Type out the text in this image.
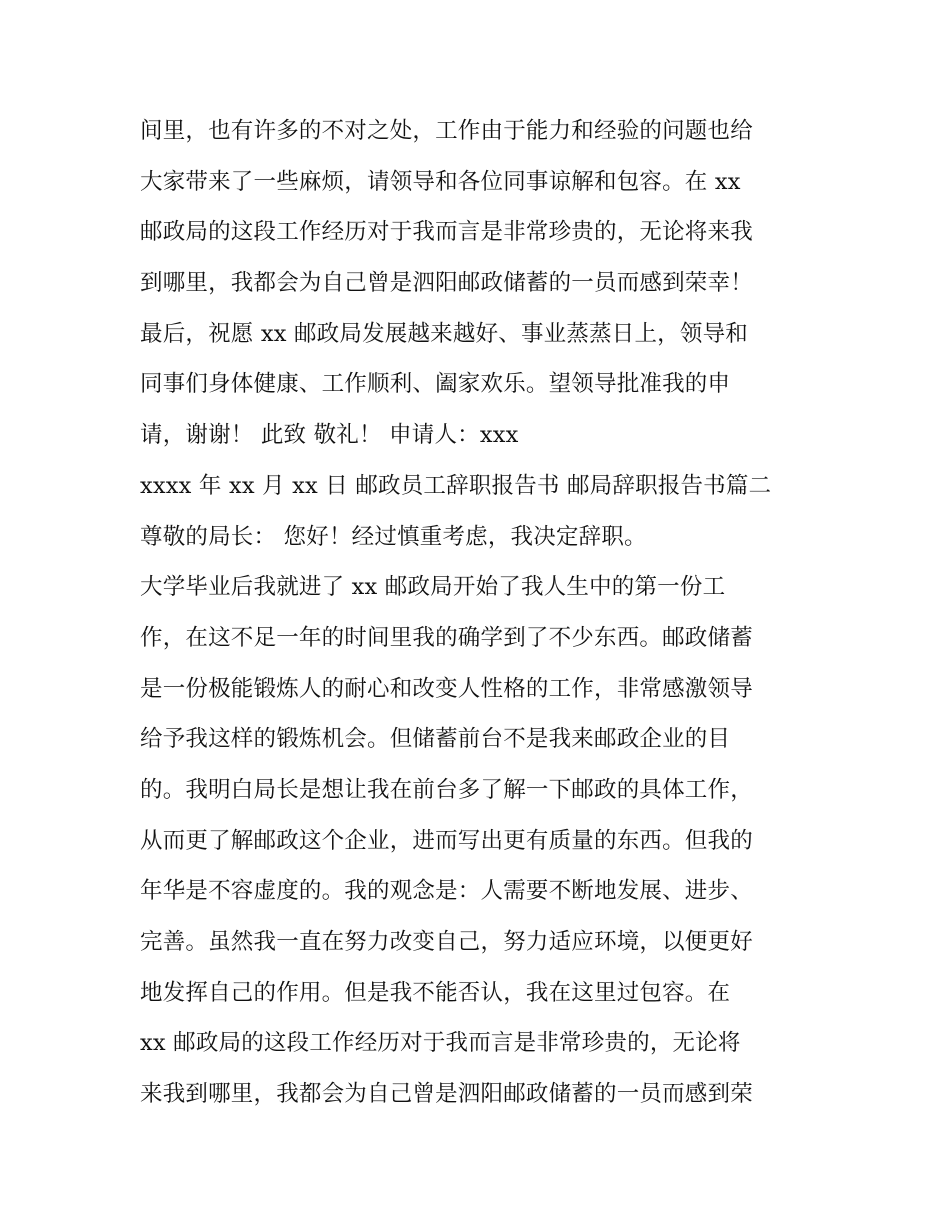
间里，也有许多的不对之处，工作由于能力和经验的问题也给
大家带来了一些麻烦，请领导和各位同事谅解和包容。在 xx
邮政局的这段工作经历对于我而言是非常珍贵的，无论将来我
到哪里，我都会为自己曾是泗阳邮政储蓄的一员而感到荣幸！
最后，祝愿 xx 邮政局发展越来越好、事业蒸蒸日上，领导和
同事们身体健康、工作顺利、阖家欢乐。望领导批准我的申
请，谢谢！ 此致 敬礼！ 申请人：xxx
xxxx 年 xx 月 xx 日 邮政员工辞职报告书 邮局辞职报告书篇二
尊敬的局长： 您好！经过慎重考虑，我决定辞职。
大学毕业后我就进了 xx 邮政局开始了我人生中的第一份工
作，在这不足一年的时间里我的确学到了不少东西。邮政储蓄
是一份极能锻炼人的耐心和改变人性格的工作，非常感激领导
给予我这样的锻炼机会。但储蓄前台不是我来邮政企业的目
的。我明白局长是想让我在前台多了解一下邮政的具体工作，
从而更了解邮政这个企业，进而写出更有质量的东西。但我的
年华是不容虚度的。我的观念是：人需要不断地发展、进步、
完善。虽然我一直在努力改变自己，努力适应环境，以便更好
地发挥自己的作用。但是我不能否认，我在这里过包容。在
xx 邮政局的这段工作经历对于我而言是非常珍贵的，无论将
来我到哪里，我都会为自己曾是泗阳邮政储蓄的一员而感到荣
